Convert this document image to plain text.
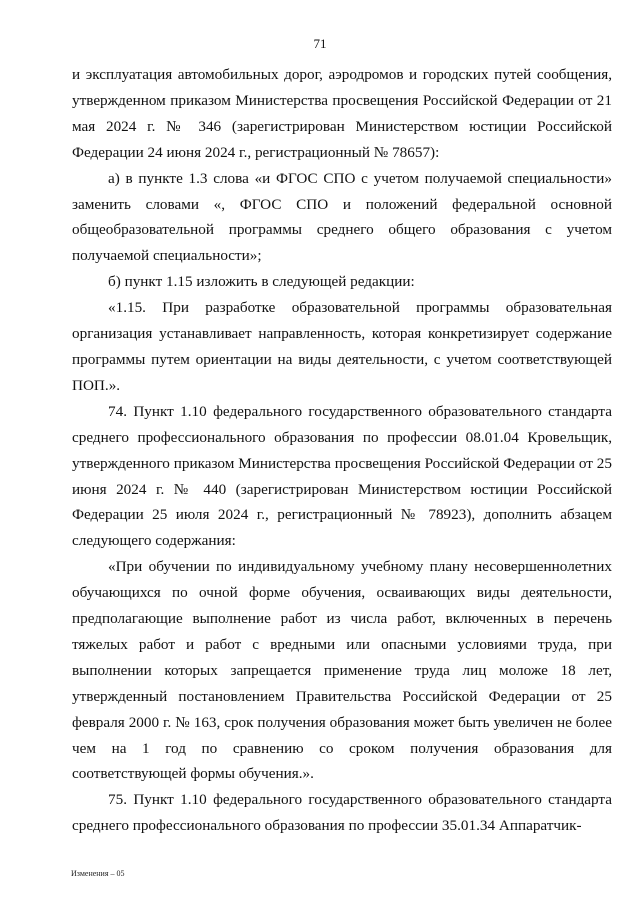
71

и эксплуатация автомобильных дорог, аэродромов и городских путей сообщения, утвержденном приказом Министерства просвещения Российской Федерации от 21 мая 2024 г. № 346 (зарегистрирован Министерством юстиции Российской Федерации 24 июня 2024 г., регистрационный № 78657):

а) в пункте 1.3 слова «и ФГОС СПО с учетом получаемой специальности» заменить словами «, ФГОС СПО и положений федеральной основной общеобразовательной программы среднего общего образования с учетом получаемой специальности»;

б) пункт 1.15 изложить в следующей редакции:

«1.15. При разработке образовательной программы образовательная организация устанавливает направленность, которая конкретизирует содержание программы путем ориентации на виды деятельности, с учетом соответствующей ПОП.».

74. Пункт 1.10 федерального государственного образовательного стандарта среднего профессионального образования по профессии 08.01.04 Кровельщик, утвержденного приказом Министерства просвещения Российской Федерации от 25 июня 2024 г. № 440 (зарегистрирован Министерством юстиции Российской Федерации 25 июля 2024 г., регистрационный № 78923), дополнить абзацем следующего содержания:

«При обучении по индивидуальному учебному плану несовершеннолетних обучающихся по очной форме обучения, осваивающих виды деятельности, предполагающие выполнение работ из числа работ, включенных в перечень тяжелых работ и работ с вредными или опасными условиями труда, при выполнении которых запрещается применение труда лиц моложе 18 лет, утвержденный постановлением Правительства Российской Федерации от 25 февраля 2000 г. № 163, срок получения образования может быть увеличен не более чем на 1 год по сравнению со сроком получения образования для соответствующей формы обучения.».

75. Пункт 1.10 федерального государственного образовательного стандарта среднего профессионального образования по профессии 35.01.34 Аппаратчик-

Изменения – 05
